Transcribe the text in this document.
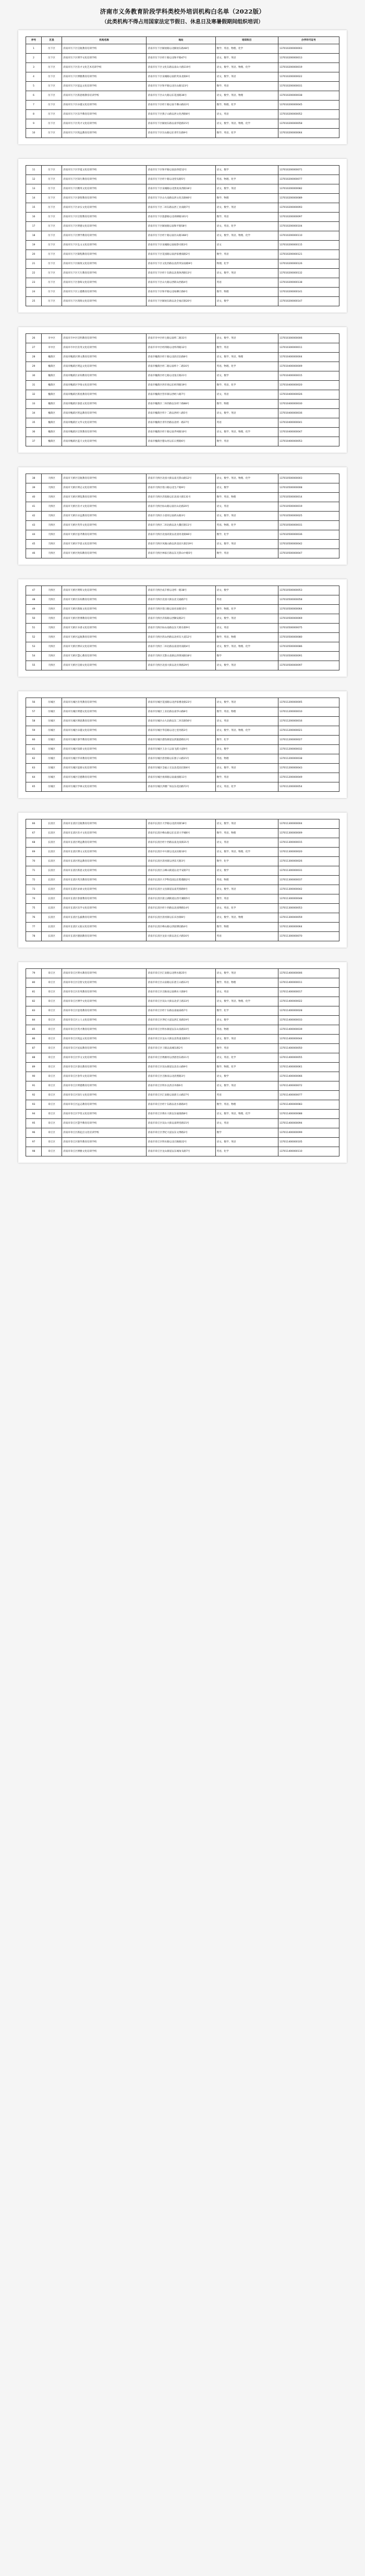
济南市义务教育阶段学科类校外培训机构白名单（2022版）
（此类机构不得占用国家法定节假日、休息日及寒暑假期间组织培训）
序号	区县	机构名称	地址	培训科目	办学许可证号
1	历下区	济南市历下区启航教育培训学校	济南市历下区解放路以北解放东路48号	数学、英语、物理、化学	137010200000003
2	历下区	济南市历下区明学文化培训学校	济南市历下区经十路以北和平路47号	语文、数学、英语	137010200000013
3	历下区	济南市历下区育才文化艺术培训学校	济南市历下区文化东路以南山大路119号	语文、数学、英语、物理、化学	137010200000019
4	历下区	济南市历下区博雅教育培训学校	济南市历下区泉城路以南趵突泉北路6号	语文、数学、英语	137010200000022
5	历下区	济南市历下区思远文化培训学校	济南市历下区和平路以北历山路123号	数学、英语	137010200000031
6	历下区	济南市历下区新思维教育培训学校	济南市历下区山大路以东花园路36号	语文、数学、英语、物理	137010200000038
7	历下区	济南市历下区卓越文化培训学校	济南市历下区经十路以南千佛山路22号	数学、物理、化学	137010200000045
8	历下区	济南市历下区乐学教育培训学校	济南市历下区燕子山路以西文化西路8号	语文、英语	137010200000052
9	历下区	济南市历下区英才文化培训学校	济南市历下区解放东路以南华能路15号	语文、数学、英语、物理、化学	137010200000058
10	历下区	济南市历下区致远教育培训学校	济南市历下区历山路以东青年东路9号	数学、英语、化学	137010200000064
11	历下区	济南市历下区华夏文化培训学校	济南市历下区和平路以南县西巷12号	语文、数学	137010200000071
12	历下区	济南市历下区知行教育培训学校	济南市历下区经十路以北窑头路5号	英语、物理、化学	137010200000077
13	历下区	济南市历下区精英文化培训学校	济南市历下区泉城路以北黑虎泉西路18号	语文、数学、英语	137010200000082
14	历下区	济南市历下区睿智教育培训学校	济南市历下区山大南路以西文化东路66号	数学、物理	137010200000089
15	历下区	济南市历下区求实文化培训学校	济南市历下区二环东路以西工业南路7号	语文、数学、英语	137010200000093
16	历下区	济南市历下区启智教育培训学校	济南市历下区旅游路以北舜耕路101号	数学、英语	137010200000097
17	历下区	济南市历下区明德文化培训学校	济南市历下区解放路以南和平路58号	语文、英语、化学	137010200000104
18	历下区	济南市历下区博学教育培训学校	济南市历下区经十路以南历山路168号	语文、数学、英语、物理、化学	137010200000110
19	历下区	济南市历下区弘文文化培训学校	济南市历下区泉城路以南按察司街3号	语文	137010200000115
20	历下区	济南市历下区锦程教育培训学校	济南市历下区花园路以南洪家楼南路2号	数学、英语	137010200000121
21	历下区	济南市历下区格致文化培训学校	济南市历下区文化西路以北趵突泉南路9号	物理、化学	137010200000126
22	历下区	济南市历下区天行教育培训学校	济南市历下区经十东路以北奥体西路13号	语文、数学、英语	137010200000132
23	历下区	济南市历下区春晖文化培训学校	济南市历下区山大路以西转山西路4号	英语	137010200000138
24	历下区	济南市历下区立德教育培训学校	济南市历下区和平路以北甸柳庄路6号	数学、物理	137010200000141
25	历下区	济南市历下区鸿鹄文化培训学校	济南市历下区解放东路以北全福庄路20号	语文、数学	137010200000147
26	市中区	济南市市中区启明教育培训学校	济南市市中区经七路以南纬二路31号	语文、数学、英语	137010300000006
27	市中区	济南市市中区育英文化培训学校	济南市市中区经四路以北纬四路12号	数学、英语	137010300000011
28	槐荫区	济南市槐荫区博文教育培训学校	济南市槐荫区经十路以北段店北路8号	语文、数学、英语、物理	137010400000004
29	槐荫区	济南市槐荫区明远文化培训学校	济南市槐荫区经二路以南纬十二路16号	英语、物理、化学	137010400000009
30	槐荫区	济南市槐荫区求知教育培训学校	济南市槐荫区经七路以北张庄路21号	语文、数学	137010400000015
31	槐荫区	济南市槐荫区学海文化培训学校	济南市槐荫区西市场以东经四路19号	数学、英语、化学	137010400000020
32	槐荫区	济南市槐荫区新星教育培训学校	济南市槐荫区营市街以西经六路7号	语文、英语	137010400000026
33	槐荫区	济南市槐荫区睿思文化培训学校	济南市槐荫区二环西路以东经十路88号	数学、物理	137010400000030
34	槐荫区	济南市槐荫区智远教育培训学校	济南市槐荫区纬十二路以西经八路5号	语文、数学、英语	137010400000036
35	槐荫区	济南市槐荫区文华文化培训学校	济南市槐荫区青年西路以北经一路27号	英语	137010400000041
36	槐荫区	济南市槐荫区启贤教育培训学校	济南市槐荫区经十路以南齐州路10号	语文、数学、英语、物理、化学	137010400000047
37	槐荫区	济南市槐荫区蓝天文化培训学校	济南市槐荫区腊山河以东日照路6号	数学、英语	137010400000053
38	天桥区	济南市天桥区启航教育培训学校	济南市天桥区北园大街以南无影山路12号	语文、数学、英语、物理、化学	137010500000003
39	天桥区	济南市天桥区明志文化培训学校	济南市天桥区堤口路以北生产路9号	语文、数学	137010500000008
40	天桥区	济南市天桥区博览教育培训学校	济南市天桥区济泺路以东北园大街131号	数学、英语、物理	137010500000014
41	天桥区	济南市天桥区育才文化培训学校	济南市天桥区标山路以南历山北路20号	语文、英语	137010500000019
42	天桥区	济南市天桥区卓远教育培训学校	济南市天桥区小清河以南药山路3号	语文、数学、英语	137010500000025
43	天桥区	济南市天桥区英华文化培训学校	济南市天桥区二环北路以北大魏庄路11号	英语、物理、化学	137010500000031
44	天桥区	济南市天桥区思齐教育培训学校	济南市天桥区北园高架以北清河北路66号	数学、化学	137010500000036
45	天桥区	济南市天桥区学思文化培训学校	济南市天桥区凤凰山路以西北园大街219号	语文、数学、英语	137010500000042
46	天桥区	济南市天桥区致知教育培训学校	济南市天桥区林家庄路以东无影山中路5号	数学、英语	137010500000047
47	天桥区	济南市天桥区明辉文化培训学校	济南市天桥区成丰桥以北纬一路38号	语文、数学	137010500000053
48	天桥区	济南市天桥区乐知教育培训学校	济南市天桥区北园大街以北交通路7号	英语	137010500000058
49	天桥区	济南市天桥区新航文化培训学校	济南市天桥区堤口路以南名泉路15号	数学、物理、化学	137010500000064
50	天桥区	济南市天桥区智博教育培训学校	济南市天桥区济泺路以西顺安路2号	语文、数学、英语	137010500000069
51	天桥区	济南市天桥区书香文化培训学校	济南市天桥区标山南路以东天桥东街9号	语文、英语	137010500000075
52	天桥区	济南市天桥区远航教育培训学校	济南市天桥区药山西路以北梓东大道12号	数学、英语、物理	137010500000080
53	天桥区	济南市天桥区博识文化培训学校	济南市天桥区二环北路以南清河南路4号	语文、数学、英语、物理、化学	137010500000086
54	天桥区	济南市天桥区慧心教育培训学校	济南市天桥区无影山北路以西黄岗路18号	数学	137010500000091
55	天桥区	济南市天桥区启源文化培训学校	济南市天桥区北园大街以北历黄路29号	语文、数学、英语	137010500000097
56	历城区	济南市历城区育英教育培训学校	济南市历城区花园路以北洪家楼北路23号	语文、数学、英语	137011200000005
57	历城区	济南市历城区明德文化培训学校	济南市历城区工业北路以南华山路8号	数学、英语、物理	137011200000010
58	历城区	济南市历城区博思教育培训学校	济南市历城区山大北路以东二环东路56号	语文、英语	137011200000016
59	历城区	济南市历城区卓越文化培训学校	济南市历城区华信路以北七里河路3号	语文、数学、英语、物理、化学	137011200000021
60	历城区	济南市历城区睿学教育培训学校	济南市历城区港沟街道以西旅游路12号	数学、化学	137011200000027
61	历城区	济南市历城区知新文化培训学校	济南市历城区王舍人以南飞跃大道9号	语文、数学	137011200000032
62	历城区	济南市历城区华章教育培训学校	济南市历城区唐冶路以东围子山路15号	英语、物理	137011200000038
63	历城区	济南市历城区思源文化培训学校	济南市历城区全福立交以北花园庄路6号	语文、数学、英语	137011200000043
64	历城区	济南市历城区启德教育培训学校	济南市历城区祝舜路以南桑园路11号	数学、英语	137011200000049
65	历城区	济南市历城区学林文化培训学校	济南市历城区洪楼广场以东花园路72号	语文、英语、化学	137011200000054
66	长清区	济南市长清区启航教育培训学校	济南市长清区大学路以北清河街18号	语文、数学、英语	137011300000004
67	长清区	济南市长清区育才文化培训学校	济南市长清区峰山路以东长清大学城6号	数学、英语、物理	137011300000009
68	长清区	济南市长清区明远教育培训学校	济南市长清区经十西路以南龙泉街21号	语文、英语	137011300000015
69	长清区	济南市长清区博文文化培训学校	济南市长清区中川街以北灵岩路10号	语文、数学、英语、物理、化学	137011300000020
70	长清区	济南市长清区智远教育培训学校	济南市长清区清河街以西乐天路3号	数学、化学	137011300000026
71	长清区	济南市长清区新思文化培训学校	济南市长清区五峰山街道以北平安路7号	语文、数学	137011300000031
72	长清区	济南市长清区英杰教育培训学校	济南市长清区大学科技园以东紫薇路2号	英语、物理	137011300000037
73	长清区	济南市长清区求索文化培训学校	济南市长清区文昌街道以南芙蓉路9号	语文、数学、英语	137011300000042
74	长清区	济南市长清区春蕾教育培训学校	济南市长清区崮云湖街道以西月湖路5号	数学、英语	137011300000048
75	长清区	济南市长清区乐学文化培训学校	济南市长清区经十西路以北园博路14号	语文、英语、化学	137011300000053
76	长清区	济南市长清区弘毅教育培训学校	济南市长清区清河街以东宾谷街8号	语文、数学、英语、物理	137011300000059
77	长清区	济南市长清区文韬文化培训学校	济南市长清区峰山路以西园博园路4号	数学、物理	137011300000064
78	长清区	济南市长清区德润教育培训学校	济南市长清区龙泉大街以北长兴路16号	英语	137011300000070
79	章丘区	济南市章丘区明水教育培训学校	济南市章丘区汇泉路以北明水路25号	语文、数学、英语	137011400000006
80	章丘区	济南市章丘区启智文化培训学校	济南市章丘区山泉路以东唐王山路12号	数学、英语、物理	137011400000011
81	章丘区	济南市章丘区育英教育培训学校	济南市章丘区百脉泉以南绣水大街8号	语文、英语	137011400000017
82	章丘区	济南市章丘区博学文化培训学校	济南市章丘区双山大街以北济王路33号	语文、数学、英语、物理、化学	137011400000022
83	章丘区	济南市章丘区思进教育培训学校	济南市章丘区经十东路以南福泰路7号	数学、化学	137011400000028
84	章丘区	济南市章丘区立人文化培训学校	济南市章丘区世纪大道以西汇泉路19号	语文、数学	137011400000033
85	章丘区	济南市章丘区英才教育培训学校	济南市章丘区明水街道以东山泉路10号	英语、物理	137011400000039
86	章丘区	济南市章丘区致远文化培训学校	济南市章丘区龙山大街以北铁道北路5号	语文、数学、英语	137011400000044
87	章丘区	济南市章丘区星辰教育培训学校	济南市章丘区刁镇以南城东路2号	数学、英语	137011400000050
88	章丘区	济南市章丘区华文文化培训学校	济南市章丘区绣源河以西唐冶东路11号	语文、英语、化学	137011400000055
89	章丘区	济南市章丘区睿达教育培训学校	济南市章丘区双山街道以北东山路9号	数学、物理、化学	137011400000061
90	章丘区	济南市章丘区春华文化培训学校	济南市章丘区百脉泉以北清照路3号	语文、数学	137011400000066
91	章丘区	济南市章丘区明德教育培训学校	济南市章丘区明水以西圣井路6号	语文、数学、英语	137011400000072
92	章丘区	济南市章丘区知行文化培训学校	济南市章丘区汇泉路以南唐王山路27号	英语	137011400000077
93	章丘区	济南市章丘区远志教育培训学校	济南市章丘区经十东路以北水寨路4号	数学、英语、物理	137011400000083
94	章丘区	济南市章丘区学优文化培训学校	济南市章丘区绣水大街以东福康路8号	语文、数学、英语、物理、化学	137011400000088
95	章丘区	济南市章丘区慧学教育培训学校	济南市章丘区双山大街以南明堂路15号	语文、英语	137011400000094
96	章丘区	济南市章丘区新起点文化培训学校	济南市章丘区世纪大道以东文博路2号	数学	137011400000099
97	章丘区	济南市章丘区锦华教育培训学校	济南市章丘区明水路以北百脉路22号	语文、数学、英语	137011400000105
98	章丘区	济南市章丘区博雅文化培训学校	济南市章丘区龙山街道以东城角头路7号	英语、化学	137011400000110
